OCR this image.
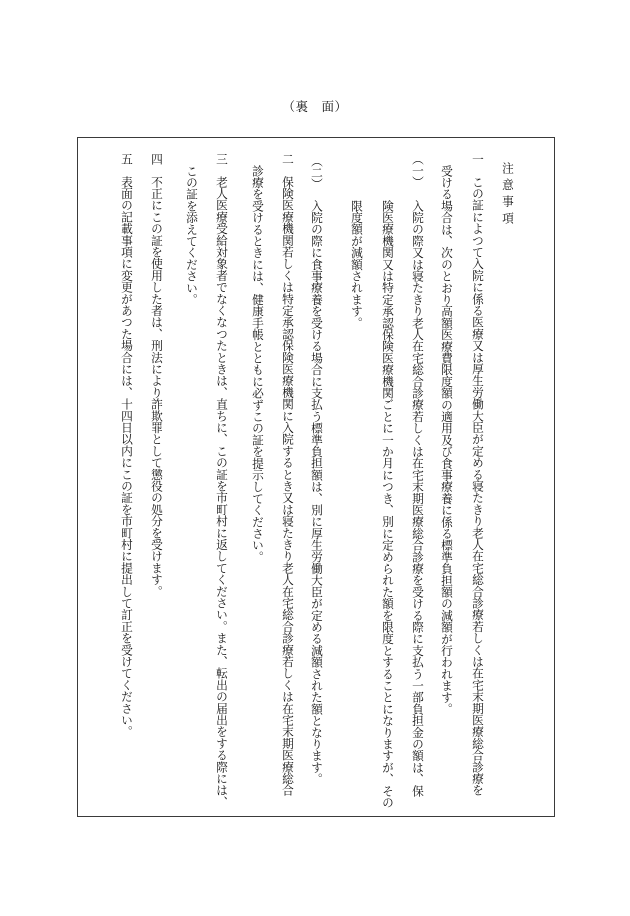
（裏　面）
注意事項
一
この証によつて入院に係る医療又は厚生労働大臣が定める寝たきり老人在宅総合診療若しくは在宅末期医療総合診療を
受ける場合は、次のとおり高額医療費限度額の適用及び食事療養に係る標準負担額の減額が行われます。
（一）
入院の際又は寝たきり老人在宅総合診療若しくは在宅末期医療総合診療を受ける際に支払う一部負担金の額は、保
険医療機関又は特定承認保険医療機関ごとに一か月につき、別に定められた額を限度とすることになりますが、その
限度額が減額されます。
（二）
入院の際に食事療養を受ける場合に支払う標準負担額は、別に厚生労働大臣が定める減額された額となります。
二
保険医療機関若しくは特定承認保険医療機関に入院するとき又は寝たきり老人在宅総合診療若しくは在宅末期医療総合
診療を受けるときには、健康手帳とともに必ずこの証を提示してください。
三
老人医療受給対象者でなくなつたときは、直ちに、この証を市町村に返してください。また、転出の届出をする際には、
この証を添えてください。
四
不正にこの証を使用した者は、刑法により詐欺罪として懲役の処分を受けます。
五
表面の記載事項に変更があつた場合には、十四日以内にこの証を市町村に提出して訂正を受けてください。
